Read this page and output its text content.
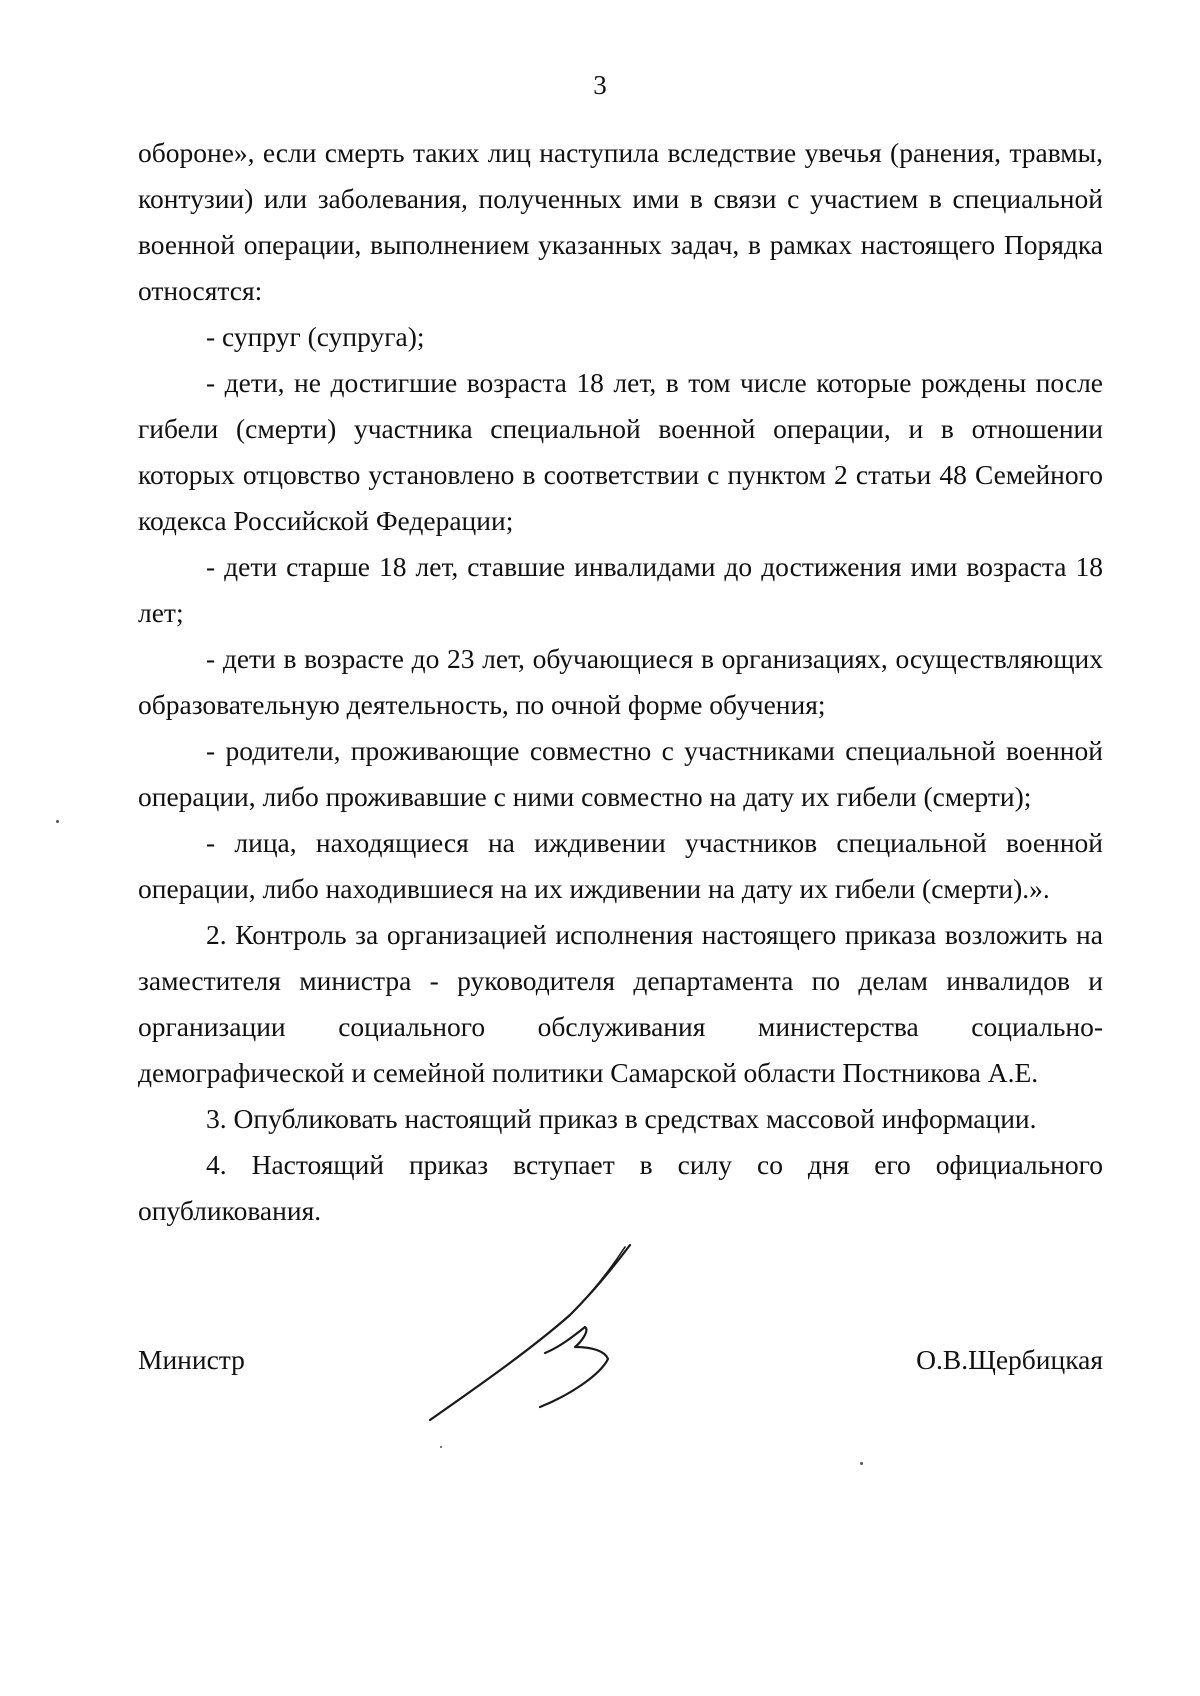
3

обороне», если смерть таких лиц наступила вследствие увечья (ранения, травмы, контузии) или заболевания, полученных ими в связи с участием в специальной военной операции, выполнением указанных задач, в рамках настоящего Порядка относятся:

- супруг (супруга);

- дети, не достигшие возраста 18 лет, в том числе которые рождены после гибели (смерти) участника специальной военной операции, и в отношении которых отцовство установлено в соответствии с пунктом 2 статьи 48 Семейного кодекса Российской Федерации;

- дети старше 18 лет, ставшие инвалидами до достижения ими возраста 18 лет;

- дети в возрасте до 23 лет, обучающиеся в организациях, осуществляющих образовательную деятельность, по очной форме обучения;

- родители, проживающие совместно с участниками специальной военной операции, либо проживавшие с ними совместно на дату их гибели (смерти);

- лица, находящиеся на иждивении участников специальной военной операции, либо находившиеся на их иждивении на дату их гибели (смерти).».

2. Контроль за организацией исполнения настоящего приказа возложить на заместителя министра - руководителя департамента по делам инвалидов и организации социального обслуживания министерства социально-демографической и семейной политики Самарской области Постникова А.Е.

3. Опубликовать настоящий приказ в средствах массовой информации.

4. Настоящий приказ вступает в силу со дня его официального опубликования.

Министр	О.В.Щербицкая
